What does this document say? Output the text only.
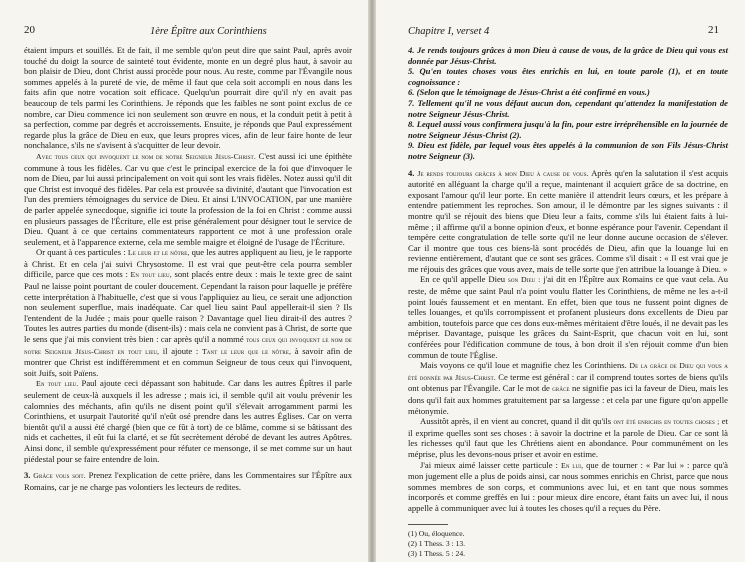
20	1ère Épître aux Corinthiens

étaient impurs et souillés. Et de fait, il me semble qu'on peut dire que saint Paul, après avoir touché du doigt la source de sainteté tout évidente, monte en un degré plus haut, à savoir au bon plaisir de Dieu, dont Christ aussi procède pour nous. Au reste, comme par l'Évangile nous sommes appelés à la pureté de vie, de même il faut que cela soit accompli en nous dans les faits afin que notre vocation soit efficace. Quelqu'un pourrait dire qu'il n'y en avait pas beaucoup de tels parmi les Corinthiens. Je réponds que les faibles ne sont point exclus de ce nombre, car Dieu commence ici non seulement son œuvre en nous, et la conduit petit à petit à sa perfection, comme par degrés et accroissements. Ensuite, je réponds que Paul expressément regarde plus la grâce de Dieu en eux, que leurs propres vices, afin de leur faire honte de leur nonchalance, s'ils ne s'avisent à s'acquitter de leur devoir.

Avec tous ceux qui invoquent le nom de notre Seigneur Jésus-Christ. C'est aussi ici une épithète commune à tous les fidèles. Car vu que c'est le principal exercice de la foi que d'invoquer le nom de Dieu, par lui aussi principalement on voit qui sont les vrais fidèles. Notez aussi qu'il dit que Christ est invoqué des fidèles. Par cela est prouvée sa divinité, d'autant que l'invocation est l'un des premiers témoignages du service de Dieu. Et ainsi L'INVOCATION, par une manière de parler appelée synecdoque, signifie ici toute la profession de la foi en Christ : comme aussi en plusieurs passages de l'Écriture, elle est prise généralement pour désigner tout le service de Dieu. Quant à ce que certains commentateurs rapportent ce mot à une profession orale seulement, et à l'apparence externe, cela me semble maigre et éloigné de l'usage de l'Écriture.

Or quant à ces particules : Le leur et le nôtre, que les autres appliquent au lieu, je le rapporte à Christ. Et en cela j'ai suivi Chrysostome. Il est vrai que peut-être cela pourra sembler difficile, parce que ces mots : En tout lieu, sont placés entre deux : mais le texte grec de saint Paul ne laisse point pourtant de couler doucement. Cependant la raison pour laquelle je préfère cette interprétation à l'habituelle, c'est que si vous l'appliquiez au lieu, ce serait une adjonction non seulement superflue, mais inadéquate. Car quel lieu saint Paul appellerait-il sien ? Ils l'entendent de la Judée ; mais pour quelle raison ? Davantage quel lieu dirait-il des autres ? Toutes les autres parties du monde (disent-ils) : mais cela ne convient pas à Christ, de sorte que le sens que j'ai mis convient très bien : car après qu'il a nommé tous ceux qui invoquent le nom de notre Seigneur Jésus-Christ en tout lieu, il ajoute : Tant le leur que le nôtre, à savoir afin de montrer que Christ est indifféremment et en commun Seigneur de tous ceux qui l'invoquent, soit Juifs, soit Païens.

En tout lieu. Paul ajoute ceci dépassant son habitude. Car dans les autres Épîtres il parle seulement de ceux-là auxquels il les adresse ; mais ici, il semble qu'il ait voulu prévenir les calomnies des méchants, afin qu'ils ne disent point qu'il s'élevait arrogamment parmi les Corinthiens, et usurpait l'autorité qu'il n'eût osé prendre dans les autres Églises. Car on verra bientôt qu'il a aussi été chargé (bien que ce fût à tort) de ce blâme, comme si se bâtissant des nids et cachettes, il eût fui la clarté, et se fût secrètement dérobé de devant les autres Apôtres. Ainsi donc, il semble qu'expressément pour réfuter ce mensonge, il se met comme sur un haut piédestal pour se faire entendre de loin.

3. Grâce vous soit. Prenez l'explication de cette prière, dans les Commentaires sur l'Épître aux Romains, car je ne charge pas volontiers les lecteurs de redites.

Chapitre I, verset 4	21

4. Je rends toujours grâces à mon Dieu à cause de vous, de la grâce de Dieu qui vous est donnée par Jésus-Christ.

5. Qu'en toutes choses vous êtes enrichis en lui, en toute parole (1), et en toute cognoissance :

6. (Selon que le témoignage de Jésus-Christ a été confirmé en vous.)

7. Tellement qu'il ne vous défaut aucun don, cependant qu'attendez la manifestation de notre Seigneur Jésus-Christ.

8. Lequel aussi vous confirmera jusqu'à la fin, pour estre irrépréhensible en la journée de notre Seigneur Jésus-Christ (2).

9. Dieu est fidèle, par lequel vous êtes appelés à la communion de son Fils Jésus-Christ notre Seigneur (3).

4. Je rends toujours grâces à mon Dieu à cause de vous. Après qu'en la salutation il s'est acquis autorité en alléguant la charge qu'il a reçue, maintenant il acquiert grâce de sa doctrine, en exposant l'amour qu'il leur porte. En cette manière il attendrit leurs cœurs, et les prépare à entendre patiemment les reproches. Son amour, il le démontre par les signes suivants : il montre qu'il se réjouit des biens que Dieu leur a faits, comme s'ils lui étaient faits à lui-même ; il affirme qu'il a bonne opinion d'eux, et bonne espérance pour l'avenir. Cependant il tempère cette congratulation de telle sorte qu'il ne leur donne aucune occasion de s'élever. Car il montre que tous ces biens-là sont procédés de Dieu, afin que la louange lui en revienne entièrement, d'autant que ce sont ses grâces. Comme s'il disait : « Il est vrai que je me réjouis des grâces que vous avez, mais de telle sorte que j'en attribue la louange à Dieu. »

En ce qu'il appelle Dieu son Dieu : j'ai dit en l'Épître aux Romains ce que vaut cela. Au reste, de même que saint Paul n'a point voulu flatter les Corinthiens, de même ne les a-t-il point loués faussement et en mentant. En effet, bien que tous ne fussent point dignes de telles louanges, et qu'ils corrompissent et profanent plusieurs dons excellents de Dieu par ambition, toutefois parce que ces dons eux-mêmes méritaient d'être loués, il ne devait pas les mépriser. Davantage, puisque les grâces du Saint-Esprit, que chacun voit en lui, sont conférées pour l'édification commune de tous, à bon droit il s'en réjouit comme d'un bien commun de toute l'Église.

Mais voyons ce qu'il loue et magnifie chez les Corinthiens. De la grâce de Dieu qui vous a été donnée par Jésus-Christ. Ce terme est général : car il comprend toutes sortes de biens qu'ils ont obtenus par l'Évangile. Car le mot de grâce ne signifie pas ici la faveur de Dieu, mais les dons qu'il fait aux hommes gratuitement par sa largesse : et cela par une figure qu'on appelle métonymie.

Aussitôt après, il en vient au concret, quand il dit qu'ils ont été enrichis en toutes choses ; et il exprime quelles sont ses choses : à savoir la doctrine et la parole de Dieu. Car ce sont là les richesses qu'il faut que les Chrétiens aient en abondance. Pour communément on les méprise, plus les devons-nous priser et avoir en estime.

J'ai mieux aimé laisser cette particule : En lui, que de tourner : « Par lui » : parce qu'à mon jugement elle a plus de poids ainsi, car nous sommes enrichis en Christ, parce que nous sommes membres de son corps, et communions avec lui, et en tant que nous sommes incorporés et comme greffés en lui : pour mieux dire encore, étant faits un avec lui, il nous appelle à communiquer avec lui à toutes les choses qu'il a reçues du Père.

(1) Ou, éloquence.

(2) 1 Thess. 3 : 13.

(3) 1 Thess. 5 : 24.
